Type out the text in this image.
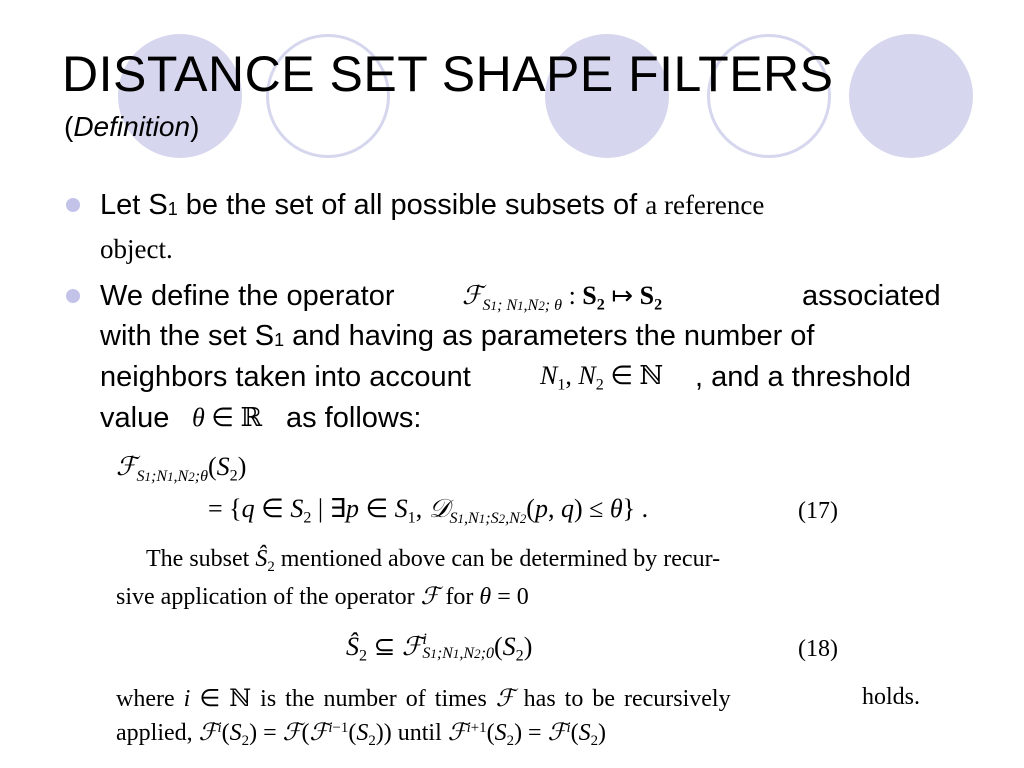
DISTANCE SET SHAPE FILTERS
(Definition)
Let S1 be the set of all possible subsets of a reference
object.
We define the operator	ℱ$_{S1; N1,N2; \theta}$ : $S_2$ ↦ $S_2$	associated
with the set S1 and having as parameters the number of
neighbors taken into account	$N_1$, $N_2$ ∈ ℕ , and a threshold
value θ ∈ ℝ as follows:
$ℱ_{S1;N1,N2;\theta}(S_2)$
= {q ∈ $S_2$ | ∃p ∈ $S_1$, 𝒟$_{S1,N1;S2,N2}$(p, q) ≤ θ} .	(17)
The subset $Ŝ_2$ mentioned above can be determined by recur-
sive application of the operator ℱ for θ = 0
$Ŝ_2$ ⊆ ℱ i
S1;N1,N2;0 $(S_2)$	(18)
where i ∈ ℕ is the number of times ℱ has to be recursively	holds.
applied, $ℱ^i(S_2)$ = $ℱ(ℱ^{i-1}(S_2))$ until $ℱ^{i+1}(S_2)$ = $ℱ^i(S_2)$
